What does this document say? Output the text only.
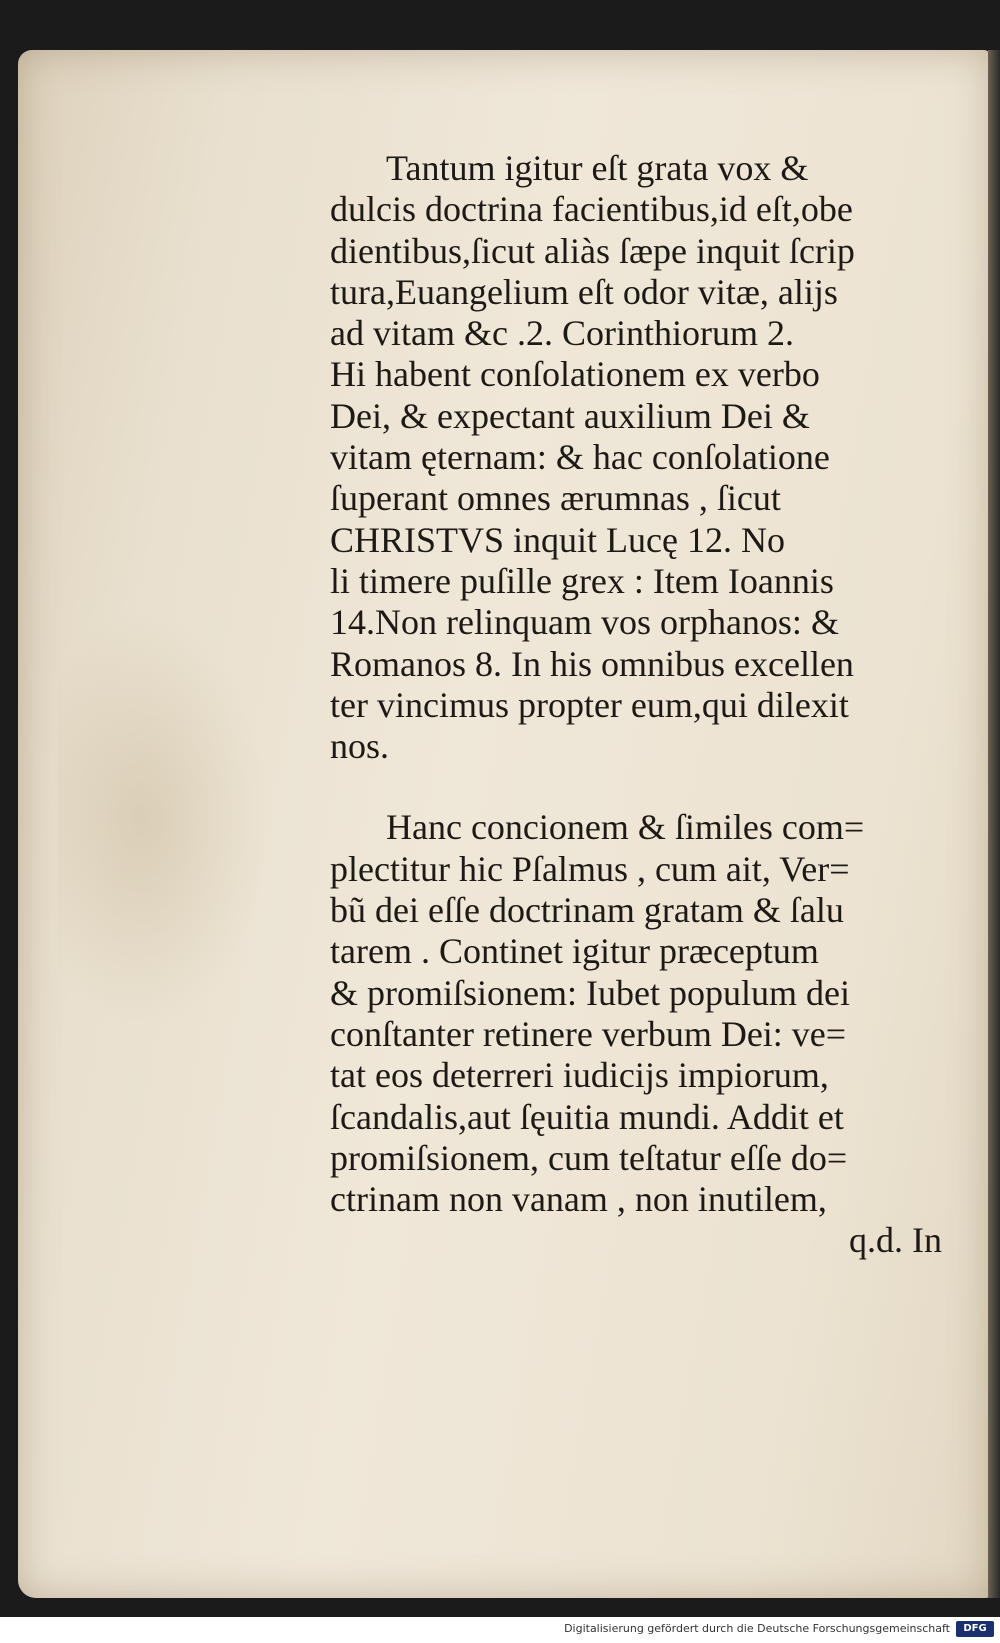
Tantum igitur eſt grata vox &
dulcis doctrina facientibus,id eſt,obe
dientibus,ſicut aliàs ſæpe inquit ſcrip
tura,Euangelium eſt odor vitæ, alijs
ad vitam &c .2. Corinthiorum 2.
Hi habent conſolationem ex verbo
Dei, & expectant auxilium Dei &
vitam ęternam: & hac conſolatione
ſuperant omnes ærumnas , ſicut
CHRISTVS inquit Lucę 12. No
li timere puſille grex : Item Ioannis
14.Non relinquam vos orphanos: &
Romanos 8. In his omnibus excellen
ter vincimus propter eum,qui dilexit
nos.
Hanc concionem & ſimiles com=
plectitur hic Pſalmus , cum ait, Ver=
bũ dei eſſe doctrinam gratam & ſalu
tarem . Continet igitur præceptum
& promiſsionem: Iubet populum dei
conſtanter retinere verbum Dei: ve=
tat eos deterreri iudicijs impiorum,
ſcandalis,aut ſęuitia mundi. Addit et
promiſsionem, cum teſtatur eſſe do=
ctrinam non vanam , non inutilem,
q.d. In
Digitalisierung gefördert durch die Deutsche Forschungsgemeinschaft	DFG
